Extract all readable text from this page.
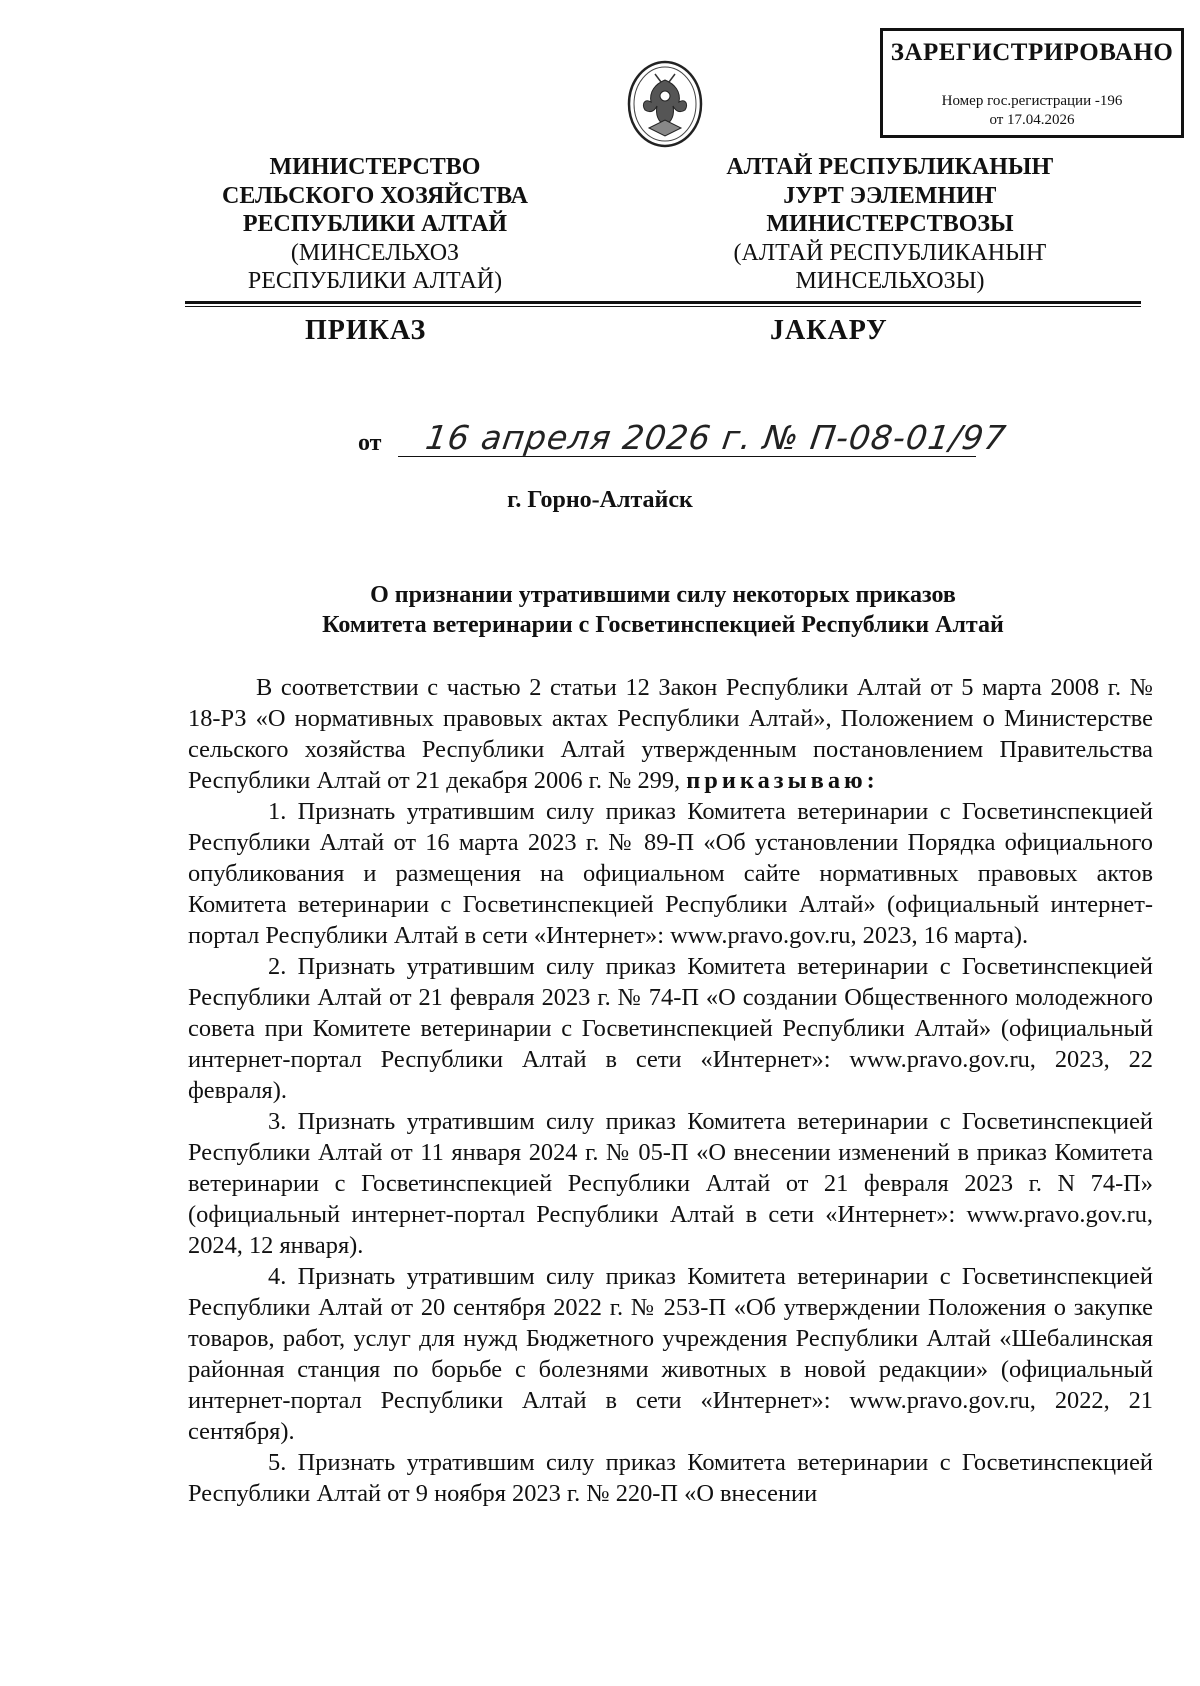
ЗАРЕГИСТРИРОВАНО
Номер гос.регистрации -196
от 17.04.2026
МИНИСТЕРСТВО
СЕЛЬСКОГО ХОЗЯЙСТВА
РЕСПУБЛИКИ АЛТАЙ
(МИНСЕЛЬХОЗ
РЕСПУБЛИКИ АЛТАЙ)
АЛТАЙ РЕСПУБЛИКАНЫҤ
ЈУРТ ЭЭЛЕМНИҤ
МИНИСТЕРСТВОЗЫ
(АЛТАЙ РЕСПУБЛИКАНЫҤ
МИНСЕЛЬХОЗЫ)
ПРИКАЗ	ЈАКАРУ
от 16 апреля 2026 г. № П-08-01/97
г. Горно-Алтайск
О признании утратившими силу некоторых приказов
Комитета ветеринарии с Госветинспекцией Республики Алтай

В соответствии с частью 2 статьи 12 Закон Республики Алтай от 5 марта 2008 г. № 18-РЗ «О нормативных правовых актах Республики Алтай», Положением о Министерстве сельского хозяйства Республики Алтай утвержденным постановлением Правительства Республики Алтай от 21 декабря 2006 г. № 299, приказываю:

1. Признать утратившим силу приказ Комитета ветеринарии с Госветинспекцией Республики Алтай от 16 марта 2023 г. № 89-П «Об установлении Порядка официального опубликования и размещения на официальном сайте нормативных правовых актов Комитета ветеринарии с Госветинспекцией Республики Алтай» (официальный интернет-портал Республики Алтай в сети «Интернет»: www.pravo.gov.ru, 2023, 16 марта).

2. Признать утратившим силу приказ Комитета ветеринарии с Госветинспекцией Республики Алтай от 21 февраля 2023 г. № 74-П «О создании Общественного молодежного совета при Комитете ветеринарии с Госветинспекцией Республики Алтай» (официальный интернет-портал Республики Алтай в сети «Интернет»: www.pravo.gov.ru, 2023, 22 февраля).

3. Признать утратившим силу приказ Комитета ветеринарии с Госветинспекцией Республики Алтай от 11 января 2024 г. № 05-П «О внесении изменений в приказ Комитета ветеринарии с Госветинспекцией Республики Алтай от 21 февраля 2023 г. N 74-П» (официальный интернет-портал Республики Алтай в сети «Интернет»: www.pravo.gov.ru, 2024, 12 января).

4. Признать утратившим силу приказ Комитета ветеринарии с Госветинспекцией Республики Алтай от 20 сентября 2022 г. № 253-П «Об утверждении Положения о закупке товаров, работ, услуг для нужд Бюджетного учреждения Республики Алтай «Шебалинская районная станция по борьбе с болезнями животных в новой редакции» (официальный интернет-портал Республики Алтай в сети «Интернет»: www.pravo.gov.ru, 2022, 21 сентября).

5. Признать утратившим силу приказ Комитета ветеринарии с Госветинспекцией Республики Алтай от 9 ноября 2023 г. № 220-П «О внесении
